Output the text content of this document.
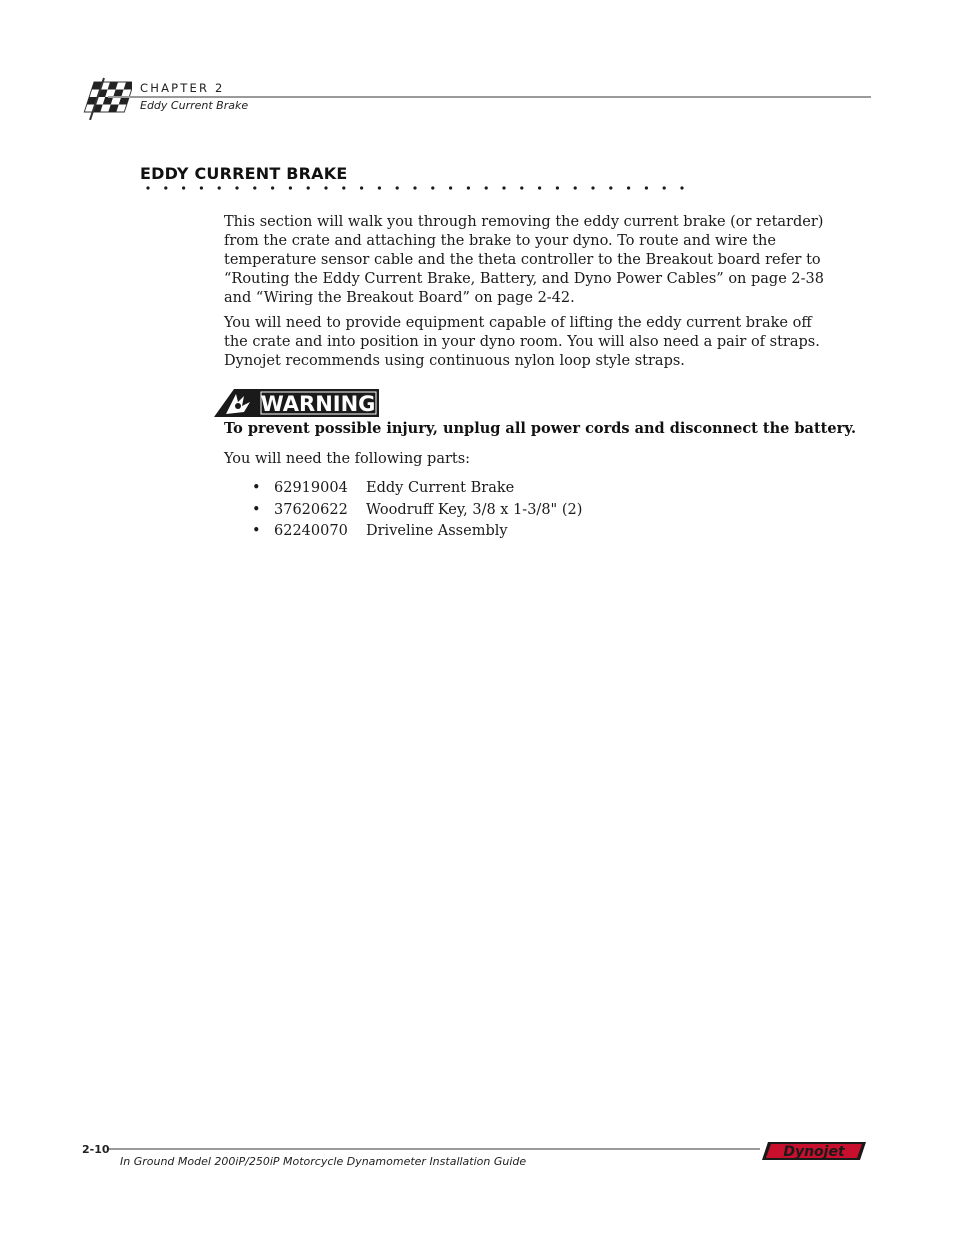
CHAPTER 2
Eddy Current Brake
EDDY CURRENT BRAKE
This section will walk you through removing the eddy current brake (or retarder) from the crate and attaching the brake to your dyno. To route and wire the temperature sensor cable and the theta controller to the Breakout board refer to “Routing the Eddy Current Brake, Battery, and Dyno Power Cables” on page 2-38 and “Wiring the Breakout Board” on page 2-42.
You will need to provide equipment capable of lifting the eddy current brake off the crate and into position in your dyno room. You will also need a pair of straps. Dynojet recommends using continuous nylon loop style straps.
WARNING
To prevent possible injury, unplug all power cords and disconnect the battery.
You will need the following parts:
• 62919004	Eddy Current Brake
• 37620622	Woodruff Key, 3/8 x 1-3/8" (2)
• 62240070	Driveline Assembly
2-10
In Ground Model 200iP/250iP Motorcycle Dynamometer Installation Guide
Dynojet
